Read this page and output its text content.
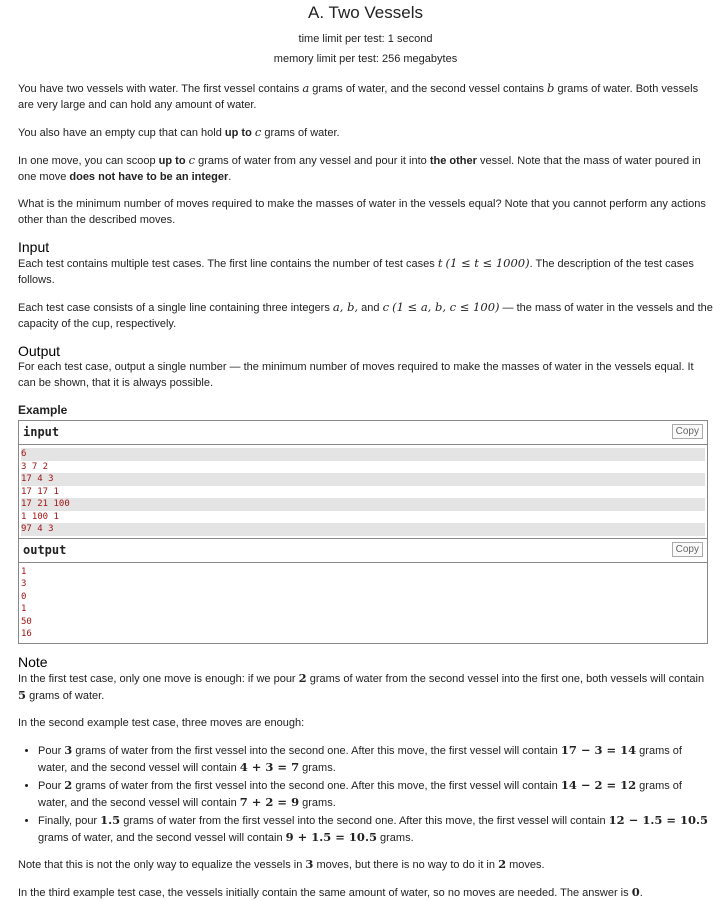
A. Two Vessels
time limit per test: 1 second
memory limit per test: 256 megabytes

You have two vessels with water. The first vessel contains a grams of water, and the second vessel contains b grams of water. Both vessels are very large and can hold any amount of water.

You also have an empty cup that can hold up to c grams of water.

In one move, you can scoop up to c grams of water from any vessel and pour it into the other vessel. Note that the mass of water poured in one move does not have to be an integer.

What is the minimum number of moves required to make the masses of water in the vessels equal? Note that you cannot perform any actions other than the described moves.

Input

Each test contains multiple test cases. The first line contains the number of test cases t (1 ≤ t ≤ 1000). The description of the test cases follows.

Each test case consists of a single line containing three integers a, b, and c (1 ≤ a, b, c ≤ 100) — the mass of water in the vessels and the capacity of the cup, respectively.

Output

For each test case, output a single number — the minimum number of moves required to make the masses of water in the vessels equal. It can be shown, that it is always possible.

Example
input	Copy
6
3 7 2
17 4 3
17 17 1
17 21 100
1 100 1
97 4 3
output	Copy
1
3
0
1
50
16
Note

In the first test case, only one move is enough: if we pour 2 grams of water from the second vessel into the first one, both vessels will contain 5 grams of water.

In the second example test case, three moves are enough:

• Pour 3 grams of water from the first vessel into the second one. After this move, the first vessel will contain 17 − 3 = 14 grams of water, and the second vessel will contain 4 + 3 = 7 grams.
• Pour 2 grams of water from the first vessel into the second one. After this move, the first vessel will contain 14 − 2 = 12 grams of water, and the second vessel will contain 7 + 2 = 9 grams.
• Finally, pour 1.5 grams of water from the first vessel into the second one. After this move, the first vessel will contain 12 − 1.5 = 10.5 grams of water, and the second vessel will contain 9 + 1.5 = 10.5 grams.

Note that this is not the only way to equalize the vessels in 3 moves, but there is no way to do it in 2 moves.

In the third example test case, the vessels initially contain the same amount of water, so no moves are needed. The answer is 0.
